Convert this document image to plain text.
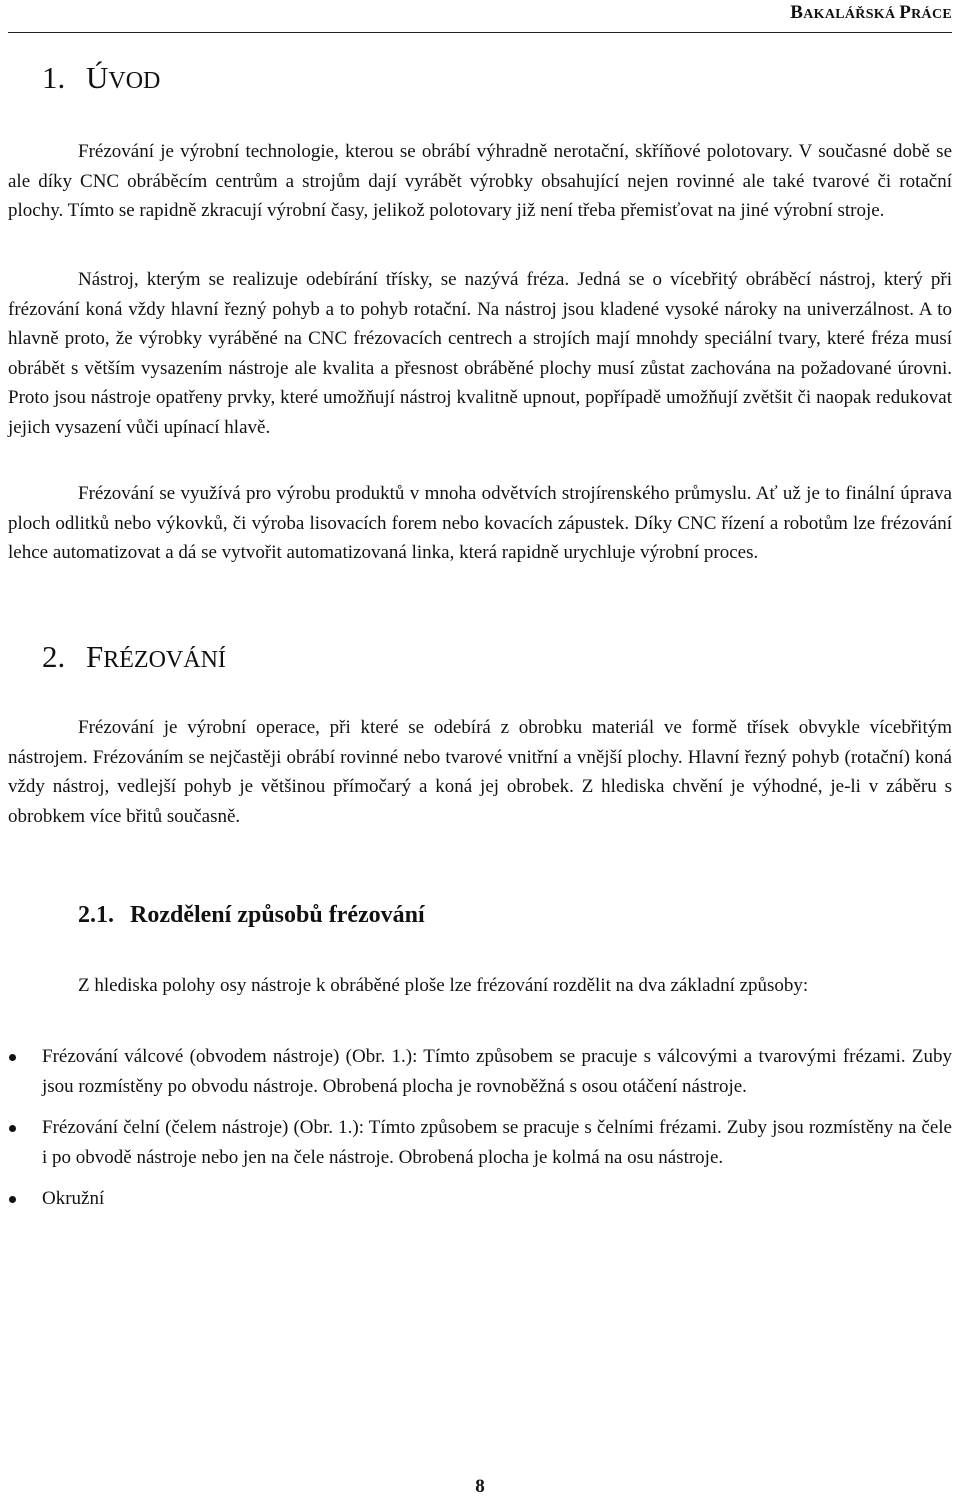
BAKALÁŘSKÁ PRÁCE
1. ÚVOD

Frézování je výrobní technologie, kterou se obrábí výhradně nerotační, skříňové polotovary. V současné době se ale díky CNC obráběcím centrům a strojům dají vyrábět výrobky obsahující nejen rovinné ale také tvarové či rotační plochy. Tímto se rapidně zkracují výrobní časy, jelikož polotovary již není třeba přemisťovat na jiné výrobní stroje.

Nástroj, kterým se realizuje odebírání třísky, se nazývá fréza. Jedná se o vícebřitý obráběcí nástroj, který při frézování koná vždy hlavní řezný pohyb a to pohyb rotační. Na nástroj jsou kladené vysoké nároky na univerzálnost. A to hlavně proto, že výrobky vyráběné na CNC frézovacích centrech a strojích mají mnohdy speciální tvary, které fréza musí obrábět s větším vysazením nástroje ale kvalita a přesnost obráběné plochy musí zůstat zachována na požadované úrovni. Proto jsou nástroje opatřeny prvky, které umožňují nástroj kvalitně upnout, popřípadě umožňují zvětšit či naopak redukovat jejich vysazení vůči upínací hlavě.

Frézování se využívá pro výrobu produktů v mnoha odvětvích strojírenského průmyslu. Ať už je to finální úprava ploch odlitků nebo výkovků, či výroba lisovacích forem nebo kovacích zápustek. Díky CNC řízení a robotům lze frézování lehce automatizovat a dá se vytvořit automatizovaná linka, která rapidně urychluje výrobní proces.

2. FRÉZOVÁNÍ

Frézování je výrobní operace, při které se odebírá z obrobku materiál ve formě třísek obvykle vícebřitým nástrojem. Frézováním se nejčastěji obrábí rovinné nebo tvarové vnitřní a vnější plochy. Hlavní řezný pohyb (rotační) koná vždy nástroj, vedlejší pohyb je většinou přímočarý a koná jej obrobek. Z hlediska chvění je výhodné, je-li v záběru s obrobkem více břitů současně.

2.1. Rozdělení způsobů frézování

Z hlediska polohy osy nástroje k obráběné ploše lze frézování rozdělit na dva základní způsoby:

Frézování válcové (obvodem nástroje) (Obr. 1.): Tímto způsobem se pracuje s válcovými a tvarovými frézami. Zuby jsou rozmístěny po obvodu nástroje. Obrobená plocha je rovnoběžná s osou otáčení nástroje.
Frézování čelní (čelem nástroje) (Obr. 1.): Tímto způsobem se pracuje s čelními frézami. Zuby jsou rozmístěny na čele i po obvodě nástroje nebo jen na čele nástroje. Obrobená plocha je kolmá na osu nástroje.
Okružní
8
